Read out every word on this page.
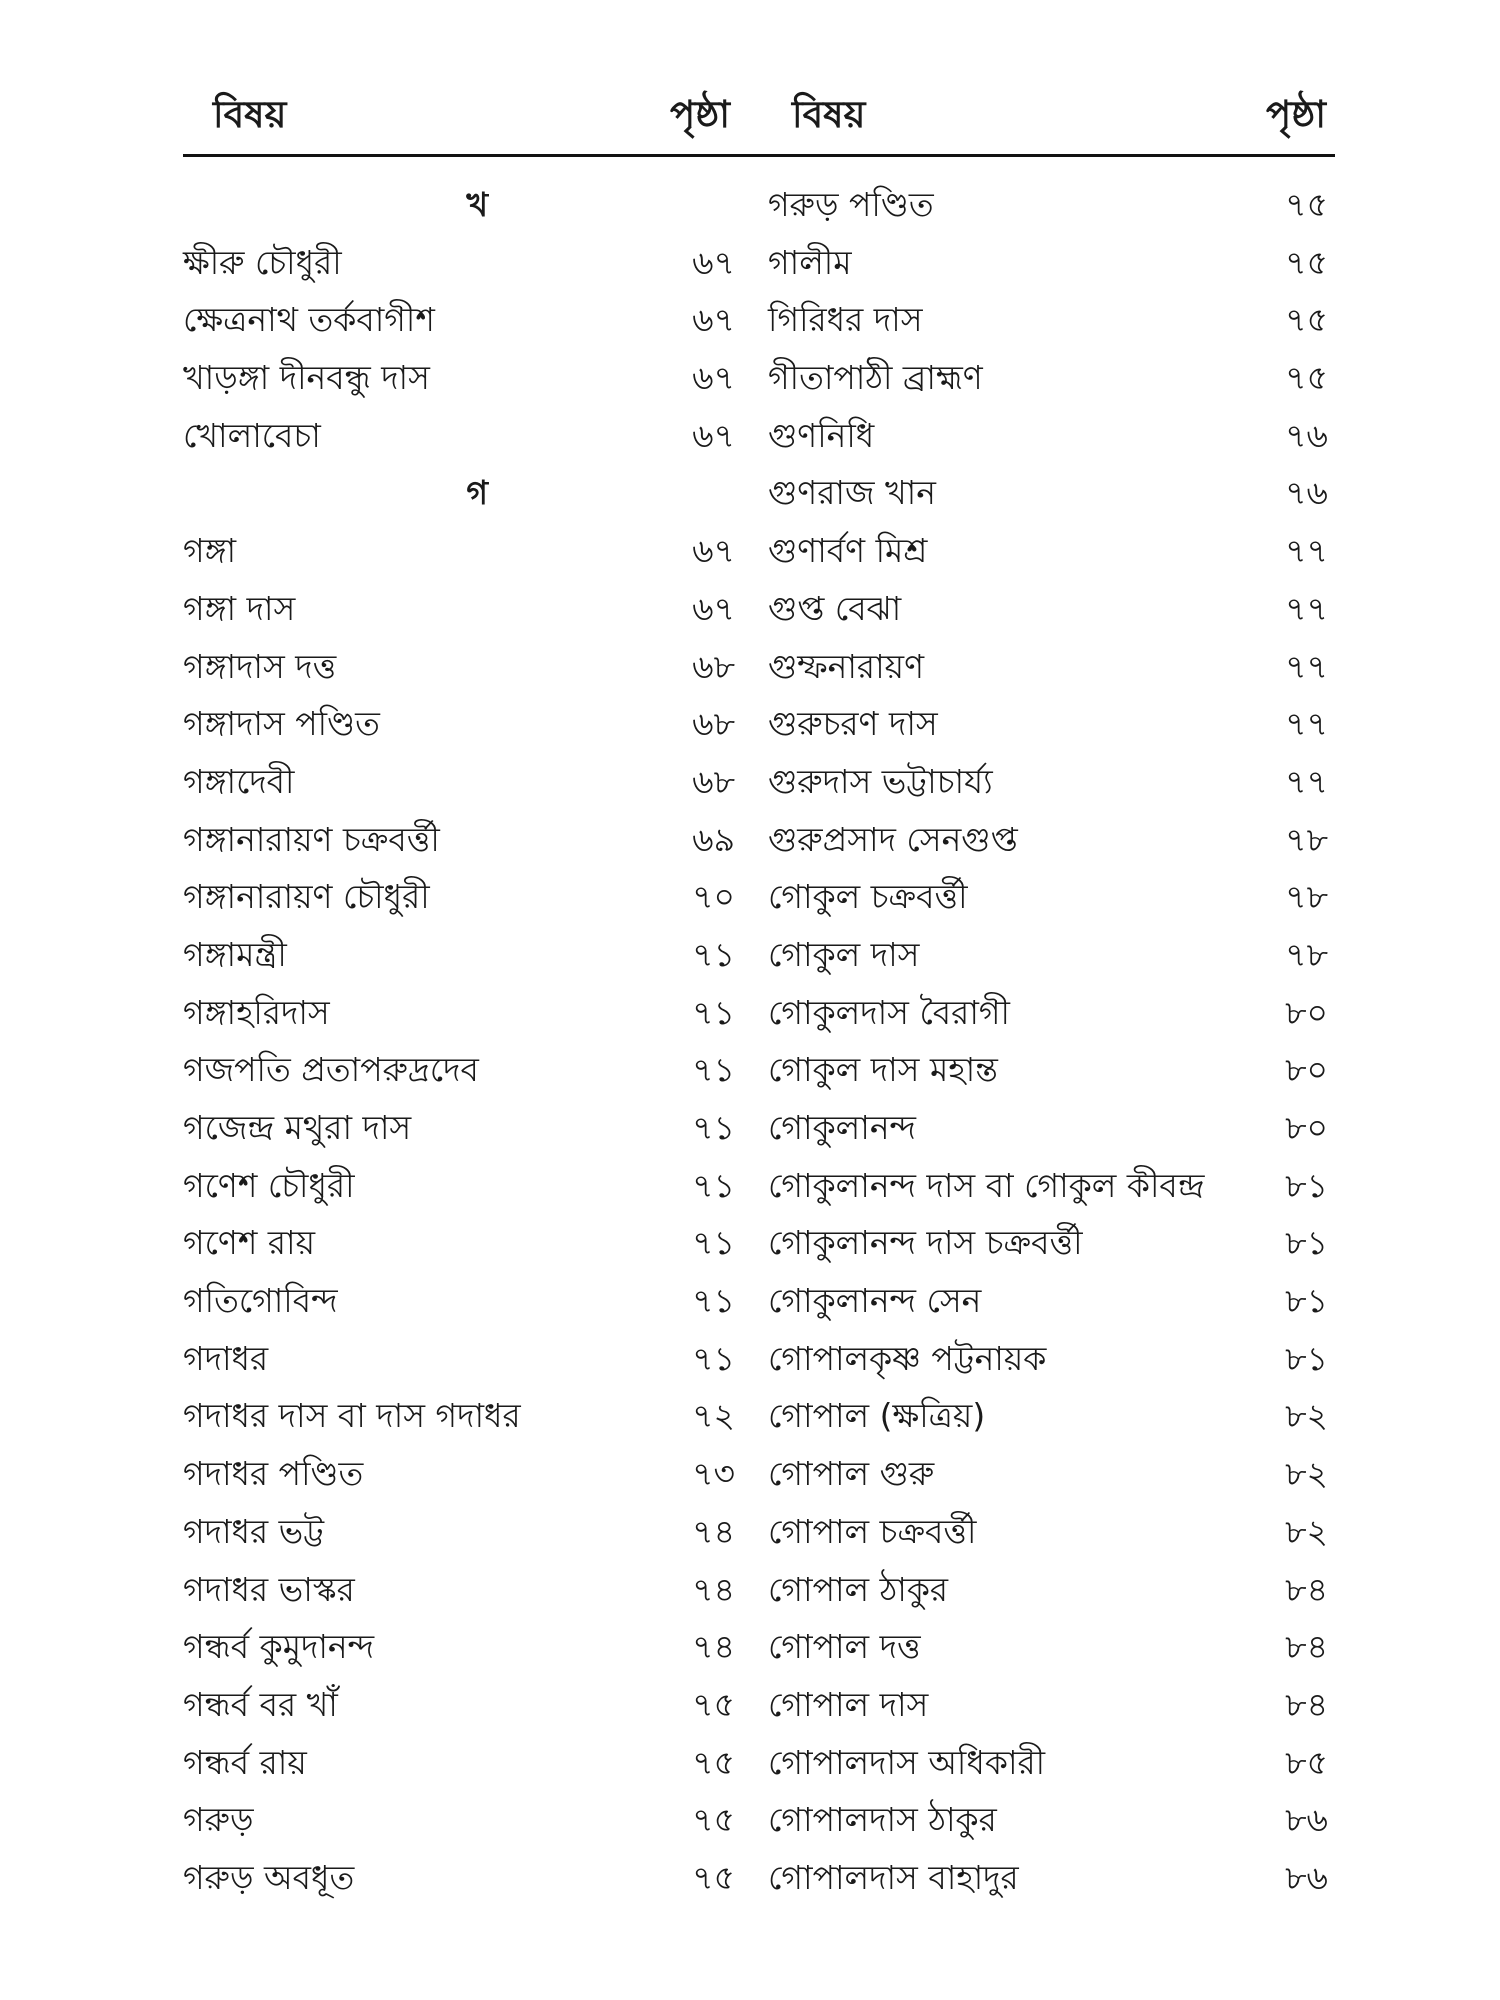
বিষয়	পৃষ্ঠা বিষয়	পৃষ্ঠা
খ
ক্ষীরু চৌধুরী	৬৭
ক্ষেত্রনাথ তর্কবাগীশ	৬৭
খাড়ঙ্গা দীনবন্ধু দাস	৬৭
খোলাবেচা	৬৭
গ
গঙ্গা	৬৭
গঙ্গা দাস	৬৭
গঙ্গাদাস দত্ত	৬৮
গঙ্গাদাস পণ্ডিত	৬৮
গঙ্গাদেবী	৬৮
গঙ্গানারায়ণ চক্রবর্ত্তী	৬৯
গঙ্গানারায়ণ চৌধুরী	৭০
গঙ্গামন্ত্রী	৭১
গঙ্গাহরিদাস	৭১
গজপতি প্রতাপরুদ্রদেব	৭১
গজেন্দ্র মথুরা দাস	৭১
গণেশ চৌধুরী	৭১
গণেশ রায়	৭১
গতিগোবিন্দ	৭১
গদাধর	৭১
গদাধর দাস বা দাস গদাধর	৭২
গদাধর পণ্ডিত	৭৩
গদাধর ভট্ট	৭৪
গদাধর ভাস্কর	৭৪
গন্ধর্ব কুমুদানন্দ	৭৪
গন্ধর্ব বর খাঁ	৭৫
গন্ধর্ব রায়	৭৫
গরুড়	৭৫
গরুড় অবধূত	৭৫
গরুড় পণ্ডিত	৭৫
গালীম	৭৫
গিরিধর দাস	৭৫
গীতাপাঠী ব্রাহ্মণ	৭৫
গুণনিধি	৭৬
গুণরাজ খান	৭৬
গুণার্বণ মিশ্র	৭৭
গুপ্ত বেঝা	৭৭
গুম্ফনারায়ণ	৭৭
গুরুচরণ দাস	৭৭
গুরুদাস ভট্টাচার্য্য	৭৭
গুরুপ্রসাদ সেনগুপ্ত	৭৮
গোকুল চক্রবর্ত্তী	৭৮
গোকুল দাস	৭৮
গোকুলদাস বৈরাগী	৮০
গোকুল দাস মহান্ত	৮০
গোকুলানন্দ	৮০
গোকুলানন্দ দাস বা গোকুল কীবন্দ্র	৮১
গোকুলানন্দ দাস চক্রবর্ত্তী	৮১
গোকুলানন্দ সেন	৮১
গোপালকৃষ্ণ পট্টনায়ক	৮১
গোপাল (ক্ষত্রিয়)	৮২
গোপাল গুরু	৮২
গোপাল চক্রবর্ত্তী	৮২
গোপাল ঠাকুর	৮৪
গোপাল দত্ত	৮৪
গোপাল দাস	৮৪
গোপালদাস অধিকারী	৮৫
গোপালদাস ঠাকুর	৮৬
গোপালদাস বাহাদুর	৮৬
